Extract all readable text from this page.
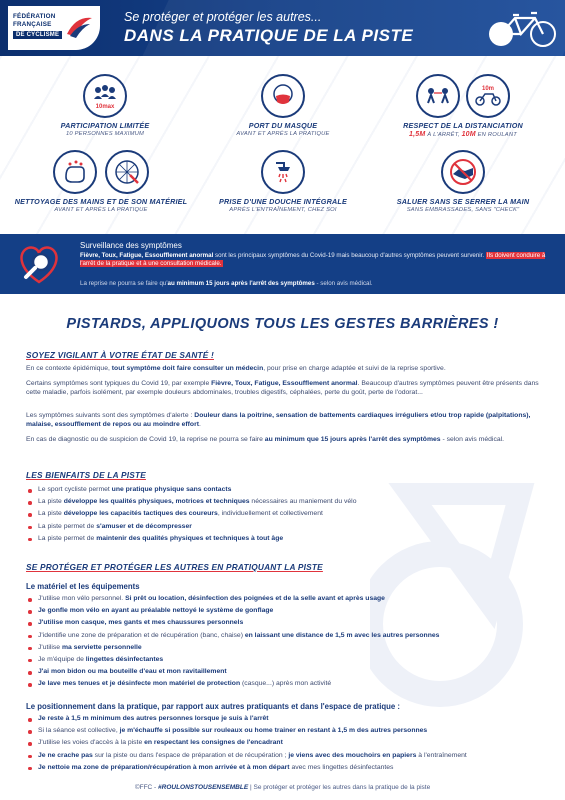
FÉDÉRATION
FRANÇAISE
DE CYCLISME
Se protéger et protéger les autres...
DANS LA PRATIQUE DE LA PISTE
10max
PARTICIPATION LIMITÉE
10 PERSONNES MAXIMUM
PORT DU MASQUE
AVANT ET APRÈS LA PRATIQUE
10m
RESPECT DE LA DISTANCIATION
1,5M À L'ARRÊT, 10M EN ROULANT
NETTOYAGE DES MAINS ET DE SON MATÉRIEL
AVANT ET APRÈS LA PRATIQUE
PRISE D'UNE DOUCHE INTÉGRALE
APRÈS L'ENTRAÎNEMENT, CHEZ SOI
SALUER SANS SE SERRER LA MAIN
SANS EMBRASSADES, SANS "CHECK"
Surveillance des symptômes
Fièvre, Toux, Fatigue, Essoufflement anormal sont les principaux symptômes du Covid-19 mais beaucoup d'autres symptômes peuvent survenir. Ils doivent conduire à l'arrêt de la pratique et à une consultation médicale.
La reprise ne pourra se faire qu'au minimum 15 jours après l'arrêt des symptômes - selon avis médical.
PISTARDS, APPLIQUONS TOUS LES GESTES BARRIÈRES !
SOYEZ VIGILANT À VOTRE ÉTAT DE SANTÉ !
En ce contexte épidémique, tout symptôme doit faire consulter un médecin, pour prise en charge adaptée et suivi de la reprise sportive.
Certains symptômes sont typiques du Covid 19, par exemple Fièvre, Toux, Fatigue, Essoufflement anormal. Beaucoup d'autres symptômes peuvent être présents dans cette maladie, parfois isolément, par exemple douleurs abdominales, troubles digestifs, céphalées, perte du goût, perte de l'odorat...
Les symptômes suivants sont des symptômes d'alerte : Douleur dans la poitrine, sensation de battements cardiaques irréguliers et/ou trop rapide (palpitations), malaise, essoufflement de repos ou au moindre effort.
En cas de diagnostic ou de suspicion de Covid 19, la reprise ne pourra se faire au minimum que 15 jours après l'arrêt des symptômes - selon avis médical.
LES BIENFAITS DE LA PISTE
Le sport cycliste permet une pratique physique sans contacts
La piste développe les qualités physiques, motrices et techniques nécessaires au maniement du vélo
La piste développe les capacités tactiques des coureurs, individuellement et collectivement
La piste permet de s'amuser et de décompresser
La piste permet de maintenir des qualités physiques et techniques à tout âge
SE PROTÉGER ET PROTÉGER LES AUTRES EN PRATIQUANT LA PISTE
Le matériel et les équipements
J'utilise mon vélo personnel. Si prêt ou location, désinfection des poignées et de la selle avant et après usage
Je gonfle mon vélo en ayant au préalable nettoyé le système de gonflage
J'utilise mon casque, mes gants et mes chaussures personnels
J'identifie une zone de préparation et de récupération (banc, chaise) en laissant une distance de 1,5 m avec les autres personnes
J'utilise ma serviette personnelle
Je m'équipe de lingettes désinfectantes
J'ai mon bidon ou ma bouteille d'eau et mon ravitaillement
Je lave mes tenues et je désinfecte mon matériel de protection (casque...) après mon activité
Le positionnement dans la pratique, par rapport aux autres pratiquants et dans l'espace de pratique :
Je reste à 1,5 m minimum des autres personnes lorsque je suis à l'arrêt
Si la séance est collective, je m'échauffe si possible sur rouleaux ou home trainer en restant à 1,5 m des autres personnes
J'utilise les voies d'accès à la piste en respectant les consignes de l'encadrant
Je ne crache pas sur la piste ou dans l'espace de préparation et de récupération ; je viens avec des mouchoirs en papiers à l'entraînement
Je nettoie ma zone de préparation/récupération à mon arrivée et à mon départ avec mes lingettes désinfectantes
©FFC - #ROULONSTOUSENSEMBLE | Se protéger et protéger les autres dans la pratique de la piste
